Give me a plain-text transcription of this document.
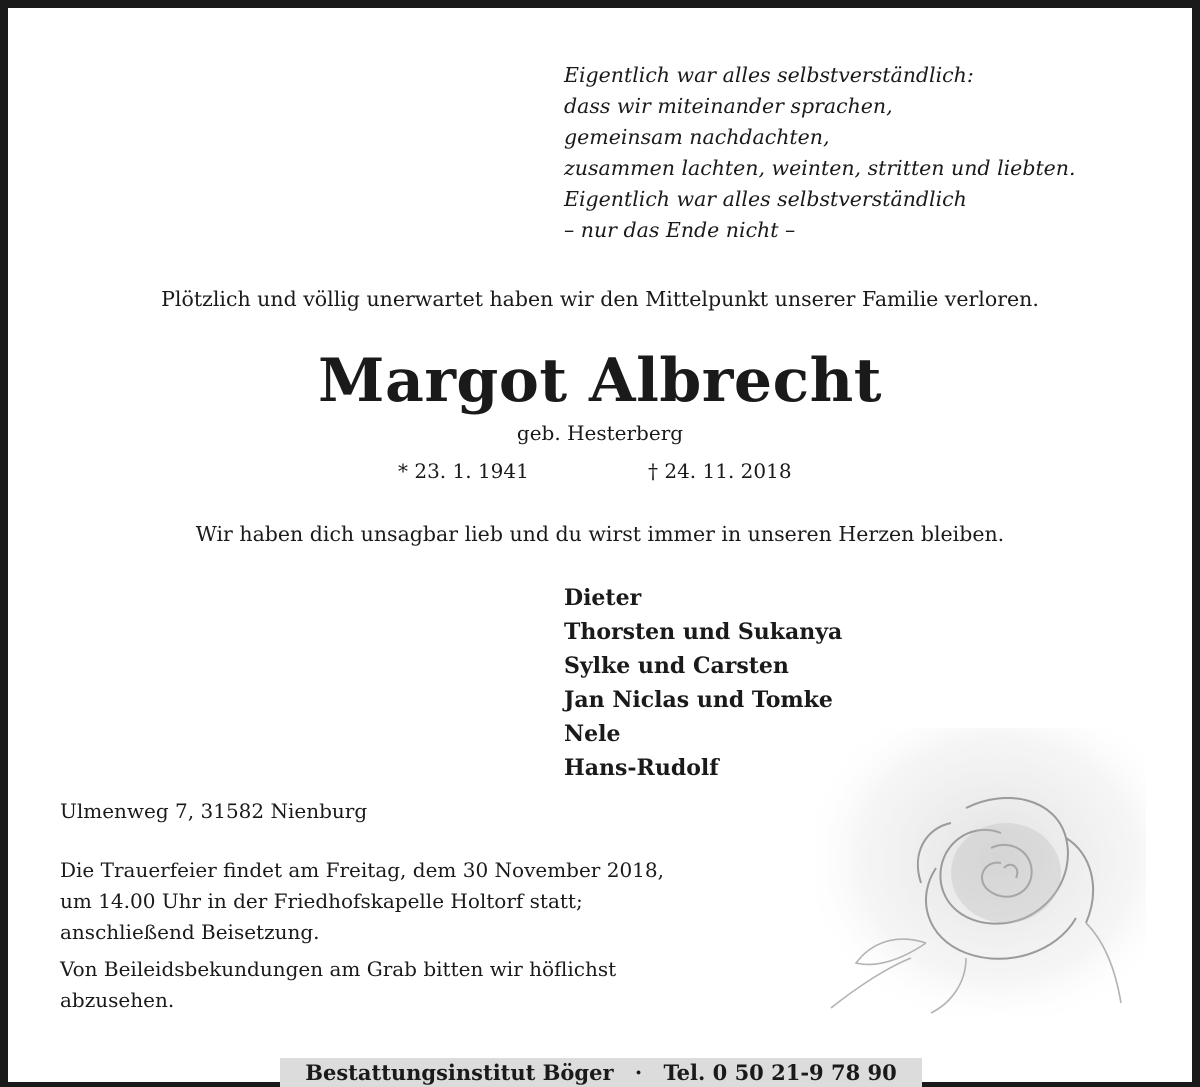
Eigentlich war alles selbstverständlich:
dass wir miteinander sprachen,
gemeinsam nachdachten,
zusammen lachten, weinten, stritten und liebten.
Eigentlich war alles selbstverständlich
– nur das Ende nicht –
Plötzlich und völlig unerwartet haben wir den Mittelpunkt unserer Familie verloren.
Margot Albrecht
geb. Hesterberg
* 23. 1. 1941	† 24. 11. 2018
Wir haben dich unsagbar lieb und du wirst immer in unseren Herzen bleiben.
Dieter
Thorsten und Sukanya
Sylke und Carsten
Jan Niclas und Tomke
Nele
Hans-Rudolf
Ulmenweg 7, 31582 Nienburg

Die Trauerfeier findet am Freitag, dem 30 November 2018,
um 14.00 Uhr in der Friedhofskapelle Holtorf statt;
anschließend Beisetzung.

Von Beileidsbekundungen am Grab bitten wir höflichst
abzusehen.

Bestattungsinstitut Böger · Tel. 0 50 21-9 78 90
